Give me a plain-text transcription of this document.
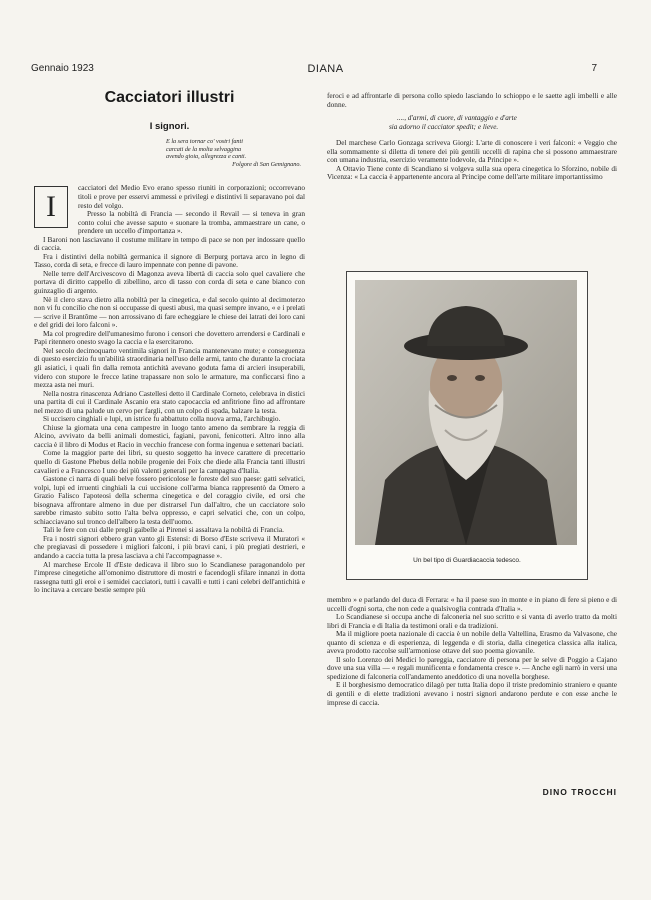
Gennaio 1923	DIANA	7
Cacciatori illustri
I signori.
E la sera tornar co' vostri fanti
carcati de la molta selvaggina
avendo gioia, allegrezza e canti.
Folgore di San Gemignano.
I

cacciatori del Medio Evo erano spesso riuniti in corporazioni; occorrevano titoli e prove per esservi ammessi e privilegi e distintivi li separavano poi dal resto del volgo.

Presso la nobiltà di Francia — secondo il Revail — si teneva in gran conto colui che avesse saputo « suonare la tromba, ammaestrare un cane, o prendere un uccello d'importanza ».

I Baroni non lasciavano il costume militare in tempo di pace se non per indossare quello di caccia.

Fra i distintivi della nobiltà germanica il signore di Berpurg portava arco in legno di Tasso, corda di seta, e frecce di lauro impennate con penne di pavone.

Nelle terre dell'Arcivescovo di Magonza aveva libertà di caccia solo quel cavaliere che portava di diritto cappello di zibellino, arco di tasso con corda di seta e cane bianco con guinzaglio di argento.

Nè il clero stava dietro alla nobiltà per la cinegetica, e dal secolo quinto al decimoterzo non vi fu concilio che non si occupasse di questi abusi, ma quasi sempre invano, « e i prelati — scrive il Brantôme — non arrossivano di fare echeggiare le chiese dei latrati dei loro cani e del gridi dei loro falconi ».

Ma col progredire dell'umanesimo furono i censori che dovettero arrendersi e Cardinali e Papi ritennero onesto svago la caccia e la esercitarono.

Nel secolo decimoquarto ventimila signori in Francia mantenevano mute; e conseguenza di questo esercizio fu un'abilità straordinaria nell'uso delle armi, tanto che durante la crociata gli asiatici, i quali fin dalla remota antichità avevano goduta fama di arcieri insuperabili, videro con stupore le frecce latine trapassare non solo le armature, ma conficcarsi fino a mezza asta nei muri.

Nella nostra rinascenza Adriano Castellesi detto il Cardinale Corneto, celebrava in distici una partita di cui il Cardinale Ascanio era stato capocaccia ed anfitrione fino ad affrontare nel mezzo di una palude un cervo per fargli, con un colpo di spada, balzare la testa.

Si uccisero cinghiali e lupi, un istrice fu abbattuto colla nuova arma, l'archibugio.

Chiuse la giornata una cena campestre in luogo tanto ameno da sembrare la reggia di Alcino, avvivato da belli animali domestici, fagiani, pavoni, fenicotteri. Altro inno alla caccia è il libro di Modus et Racio in vecchio francese con forma ingenua e settenari baciati.

Come la maggior parte dei libri, su questo soggetto ha invece carattere di precettario quello di Gastone Phebus della nobile progenie dei Foix che diede alla Francia tanti illustri cavalieri e a Francesco I uno dei più valenti generali per la campagna d'Italia.

Gastone ci narra di quali belve fossero pericolose le foreste del suo paese: gatti selvatici, volpi, lupi ed irruenti cinghiali la cui uccisione coll'arma bianca rappresentò da Omero a Grazio Falisco l'apoteosi della scherma cinegetica e del coraggio civile, ed orsi che bisognava affrontare almeno in due per distrarsel l'un dall'altro, che un cacciatore solo sarebbe rimasto subito sotto l'alta belva oppresso, e capri selvatici che, con un colpo, schiacciavano sul tronco dell'albero la testa dell'uomo.

Tali le fere con cui dalle pregli gaibelle ai Pirenei si assaltava la nobiltà di Francia.

Fra i nostri signori ebbero gran vanto gli Estensi: di Borso d'Este scriveva il Muratori « che pregiavasi di possedere i migliori falconi, i più bravi cani, i più pregiati destrieri, e andando a caccia tutta la presa lasciava a chi l'accompagnasse ».

Al marchese Ercole II d'Este dedicava il libro suo lo Scandianese paragonandolo per l'imprese cinegetiche all'omonimo distruttore di mostri e facendogli sfilare innanzi in dotta rassegna tutti gli eroi e i semidei cacciatori, tutti i cavalli e tutti i cani celebri dell'antichità e lo incitava a cercare bestie sempre più

feroci e ad affrontarle di persona collo spiedo lasciando lo schioppo e le saette agli imbelli e alle donne.

...., d'armi, di cuore, di vantaggio e d'arte
sia adorno il cacciator spedit; e lieve.

Del marchese Carlo Gonzaga scriveva Giorgi: L'arte di conoscere i veri falconi: « Veggio che ella sommamente si diletta di tenere dei più gentili uccelli di rapina che si possono ammaestrare con umana industria, esercizio veramente lodevole, da Principe ».

A Ottavio Tiene conte di Scandiano si volgeva sulla sua opera cinegetica lo Sforzino, nobile di Vicenza: « La caccia è appartenente ancora al Principe come dell'arte militare importantissimo

Un bel tipo di Guardiacaccia tedesco.

membro » e parlando del duca di Ferrara: « ha il paese suo in monte e in piano di fere si pieno e di uccelli d'ogni sorta, che non cede a qualsivoglia contrada d'Italia ».

Lo Scandianese si occupa anche di falconeria nel suo scritto e si vanta di averlo tratto da molti libri di Francia e di Italia da testimoni orali e da tradizioni.

Ma il migliore poeta nazionale di caccia è un nobile della Valtellina, Erasmo da Valvasone, che quanto di scienza e di esperienza, di leggenda e di storia, dalla cinegetica classica alla italica, aveva prodotto raccolse sull'armoniose ottave del suo poema giovanile.

Il solo Lorenzo dei Medici lo pareggia, cacciatore di persona per le selve di Poggio a Cajano dove una sua villa — « regali munificenta e fondamenta cresce ». — Anche egli narrò in versi una spedizione di falconeria coll'andamento aneddotico di una novella borghese.

E il borghesismo democratico dilagò per tutta Italia dopo il triste predominio straniero e quante di gentili e di elette tradizioni avevano i nostri signori andarono perdute e con esse anche le imprese di caccia.

DINO TROCCHI
